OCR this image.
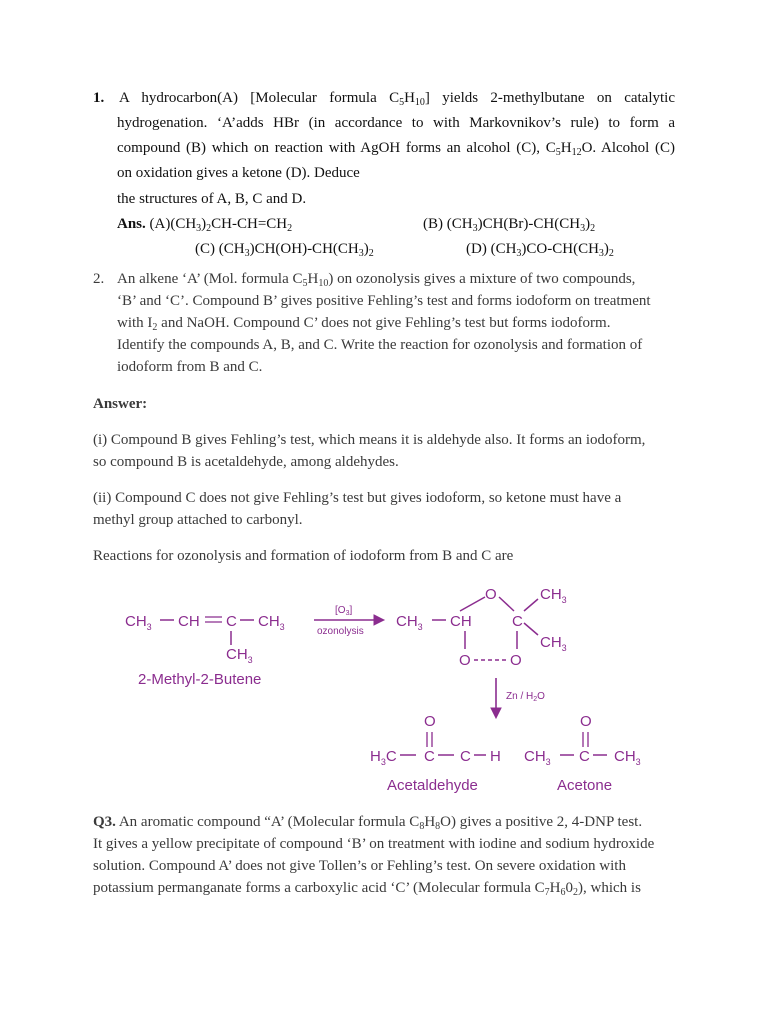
1. A hydrocarbon(A) [Molecular formula $C_5H_{10}$] yields 2-methylbutane on catalytic
hydrogenation. ‘A’adds HBr (in accordance to with Markovnikov’s rule) to form a
compound (B) which on reaction with AgOH forms an alcohol (C), $C_5H_{12}O$. Alcohol (C)
on oxidation gives a ketone (D). Deduce
the structures of A, B, C and D.
Ans. $(A)(CH_3)_2CH-CH=CH_2$	(B) $(CH_3)CH(Br)-CH(CH_3)_2$
(C) $(CH_3)CH(OH)-CH(CH_3)_2$	(D) $(CH_3)CO-CH(CH_3)_2$
2. An alkene ‘A’ (Mol. formula $C_5H_{10}$) on ozonolysis gives a mixture of two compounds,
‘B’ and ‘C’. Compound B’ gives positive Fehling’s test and forms iodoform on treatment
with $I_2$ and NaOH. Compound C’ does not give Fehling’s test but forms iodoform.
Identify the compounds A, B, and C. Write the reaction for ozonolysis and formation of
iodoform from B and C.
Answer:
(i) Compound B gives Fehling’s test, which means it is aldehyde also. It forms an iodoform,
so compound B is acetaldehyde, among aldehydes.
(ii) Compound C does not give Fehling’s test but gives iodoform, so ketone must have a
methyl group attached to carbonyl.
Reactions for ozonolysis and formation of iodoform from B and C are
$CH_3$ CH C $CH_3$
$CH_3$
2-Methyl-2-Butene
$[O_3]$
ozonolysis
$CH_3$ CH
O
C
$CH_3$
$CH_3$
O	O
Zn / $H_2O$
O
$H_3C$ C C H
Acetaldehyde
O
$CH_3$ C $CH_3$
Acetone
Q3. An aromatic compound “A’ (Molecular formula $C_8H_8O$) gives a positive 2, 4-DNP test.
It gives a yellow precipitate of compound ‘B’ on treatment with iodine and sodium hydroxide
solution. Compound A’ does not give Tollen’s or Fehling’s test. On severe oxidation with
potassium permanganate forms a carboxylic acid ‘C’ (Molecular formula $C_7H_60_2$), which is
